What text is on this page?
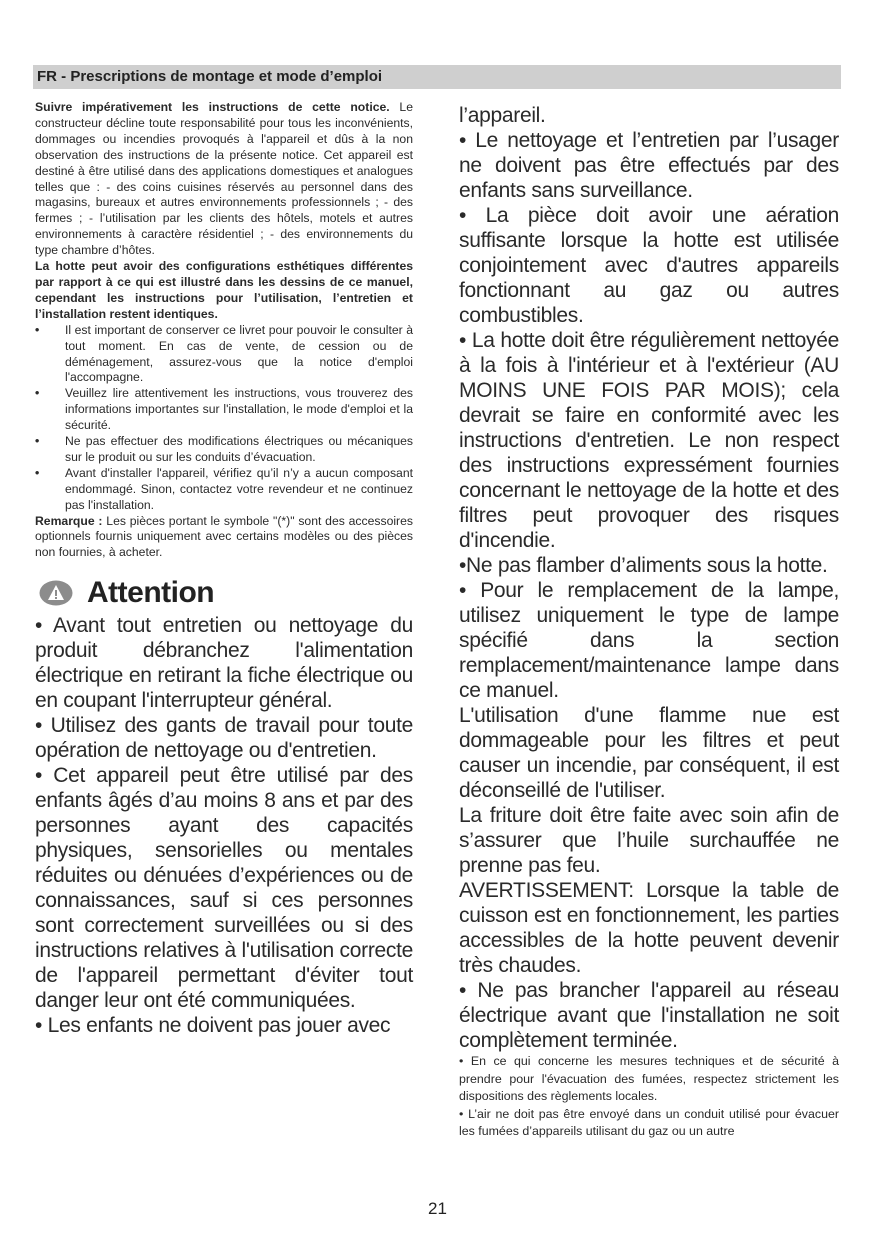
FR - Prescriptions de montage et mode d’emploi

Suivre impérativement les instructions de cette notice. Le constructeur décline toute responsabilité pour tous les inconvénients, dommages ou incendies provoqués à l'appareil et dûs à la non observation des instructions de la présente notice. Cet appareil est destiné à être utilisé dans des applications domestiques et analogues telles que : - des coins cuisines réservés au personnel dans des magasins, bureaux et autres environnements professionnels ; - des fermes ; - l’utilisation par les clients des hôtels, motels et autres environnements à caractère résidentiel ; - des environnements du type chambre d’hôtes.

La hotte peut avoir des configurations esthétiques différentes par rapport à ce qui est illustré dans les dessins de ce manuel, cependant les instructions pour l’utilisation, l’entretien et l’installation restent identiques.

• Il est important de conserver ce livret pour pouvoir le consulter à tout moment. En cas de vente, de cession ou de déménagement, assurez-vous que la notice d'emploi l'accompagne.
• Veuillez lire attentivement les instructions, vous trouverez des informations importantes sur l'installation, le mode d'emploi et la sécurité.
• Ne pas effectuer des modifications électriques ou mécaniques sur le produit ou sur les conduits d’évacuation.
• Avant d'installer l'appareil, vérifiez qu’il n’y a aucun composant endommagé. Sinon, contactez votre revendeur et ne continuez pas l'installation.

Remarque : Les pièces portant le symbole "(*)" sont des accessoires optionnels fournis uniquement avec certains modèles ou des pièces non fournies, à acheter.

Attention

• Avant tout entretien ou nettoyage du produit débranchez l'alimentation électrique en retirant la fiche électrique ou en coupant l'interrupteur général.

• Utilisez des gants de travail pour toute opération de nettoyage ou d'entretien.

• Cet appareil peut être utilisé par des enfants âgés d’au moins 8 ans et par des personnes ayant des capacités physiques, sensorielles ou mentales réduites ou dénuées d’expériences ou de connaissances, sauf si ces personnes sont correctement surveillées ou si des instructions relatives à l'utilisation correcte de l'appareil permettant d'éviter tout danger leur ont été communiquées.

• Les enfants ne doivent pas jouer avec

l’appareil.

• Le nettoyage et l’entretien par l’usager ne doivent pas être effectués par des enfants sans surveillance.

• La pièce doit avoir une aération suffisante lorsque la hotte est utilisée conjointement avec d'autres appareils fonctionnant au gaz ou autres combustibles.

• La hotte doit être régulièrement nettoyée à la fois à l'intérieur et à l'extérieur (AU MOINS UNE FOIS PAR MOIS); cela devrait se faire en conformité avec les instructions d'entretien. Le non respect des instructions expressément fournies concernant le nettoyage de la hotte et des filtres peut provoquer des risques d'incendie.

•Ne pas flamber d’aliments sous la hotte.

• Pour le remplacement de la lampe, utilisez uniquement le type de lampe spécifié dans la section remplacement/maintenance lampe dans ce manuel.

L'utilisation d'une flamme nue est dommageable pour les filtres et peut causer un incendie, par conséquent, il est déconseillé de l'utiliser.

La friture doit être faite avec soin afin de s’assurer que l’huile surchauffée ne prenne pas feu.

AVERTISSEMENT: Lorsque la table de cuisson est en fonctionnement, les parties accessibles de la hotte peuvent devenir très chaudes.

• Ne pas brancher l'appareil au réseau électrique avant que l'installation ne soit complètement terminée.

• En ce qui concerne les mesures techniques et de sécurité à prendre pour l'évacuation des fumées, respectez strictement les dispositions des règlements locales.

• L’air ne doit pas être envoyé dans un conduit utilisé pour évacuer les fumées d’appareils utilisant du gaz ou un autre

21
